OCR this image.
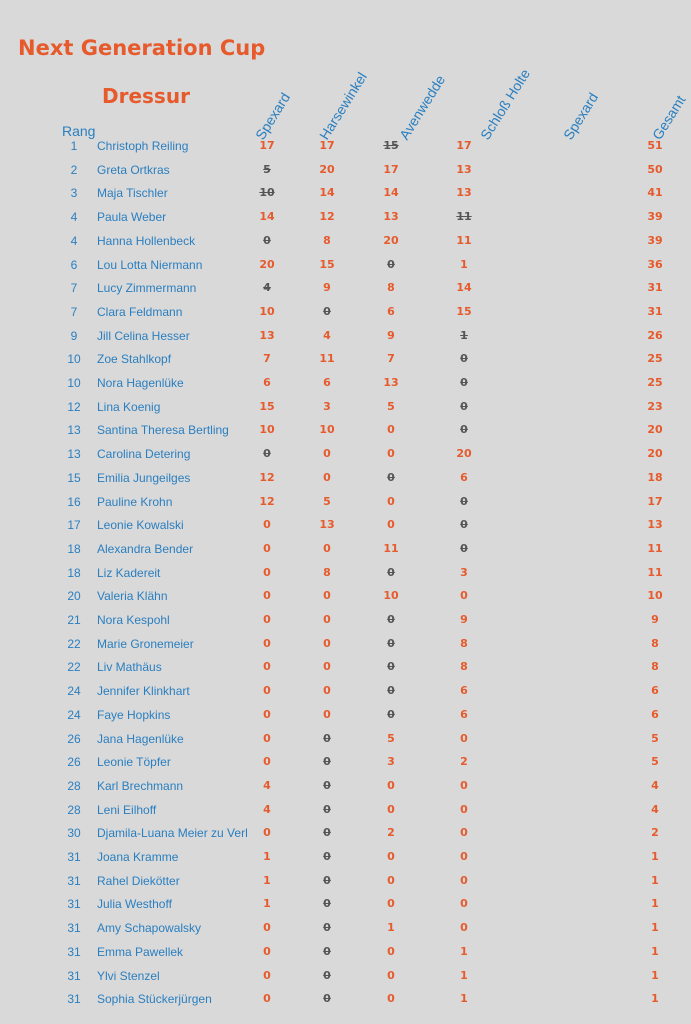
Next Generation Cup
Dressur
Rang	Spexard Harsewinkel Avenwedde Schloß Holte Spexard	Gesamt
1	Christoph Reiling	17	17	15	17	51
2	Greta Ortkras	5	20	17	13	50
3	Maja Tischler	10	14	14	13	41
4	Paula Weber	14	12	13	11	39
4	Hanna Hollenbeck	0	8	20	11	39
6	Lou Lotta Niermann	20	15	0	1	36
7	Lucy Zimmermann	4	9	8	14	31
7	Clara Feldmann	10	0	6	15	31
9	Jill Celina Hesser	13	4	9	1	26
10	Zoe Stahlkopf	7	11	7	0	25
10	Nora Hagenlüke	6	6	13	0	25
12	Lina Koenig	15	3	5	0	23
13	Santina Theresa Bertling	10	10	0	0	20
13	Carolina Detering	0	0	0	20	20
15	Emilia Jungeilges	12	0	0	6	18
16	Pauline Krohn	12	5	0	0	17
17	Leonie Kowalski	0	13	0	0	13
18	Alexandra Bender	0	0	11	0	11
18	Liz Kadereit	0	8	0	3	11
20	Valeria Klähn	0	0	10	0	10
21	Nora Kespohl	0	0	0	9	9
22	Marie Gronemeier	0	0	0	8	8
22	Liv Mathäus	0	0	0	8	8
24	Jennifer Klinkhart	0	0	0	6	6
24	Faye Hopkins	0	0	0	6	6
26	Jana Hagenlüke	0	0	5	0	5
26	Leonie Töpfer	0	0	3	2	5
28	Karl Brechmann	4	0	0	0	4
28	Leni Eilhoff	4	0	0	0	4
30	Djamila-Luana Meier zu Verl	0	0	2	0	2
31	Joana Kramme	1	0	0	0	1
31	Rahel Diekötter	1	0	0	0	1
31	Julia Westhoff	1	0	0	0	1
31	Amy Schapowalsky	0	0	1	0	1
31	Emma Pawellek	0	0	0	1	1
31	Ylvi Stenzel	0	0	0	1	1
31	Sophia Stückerjürgen	0	0	0	1	1
